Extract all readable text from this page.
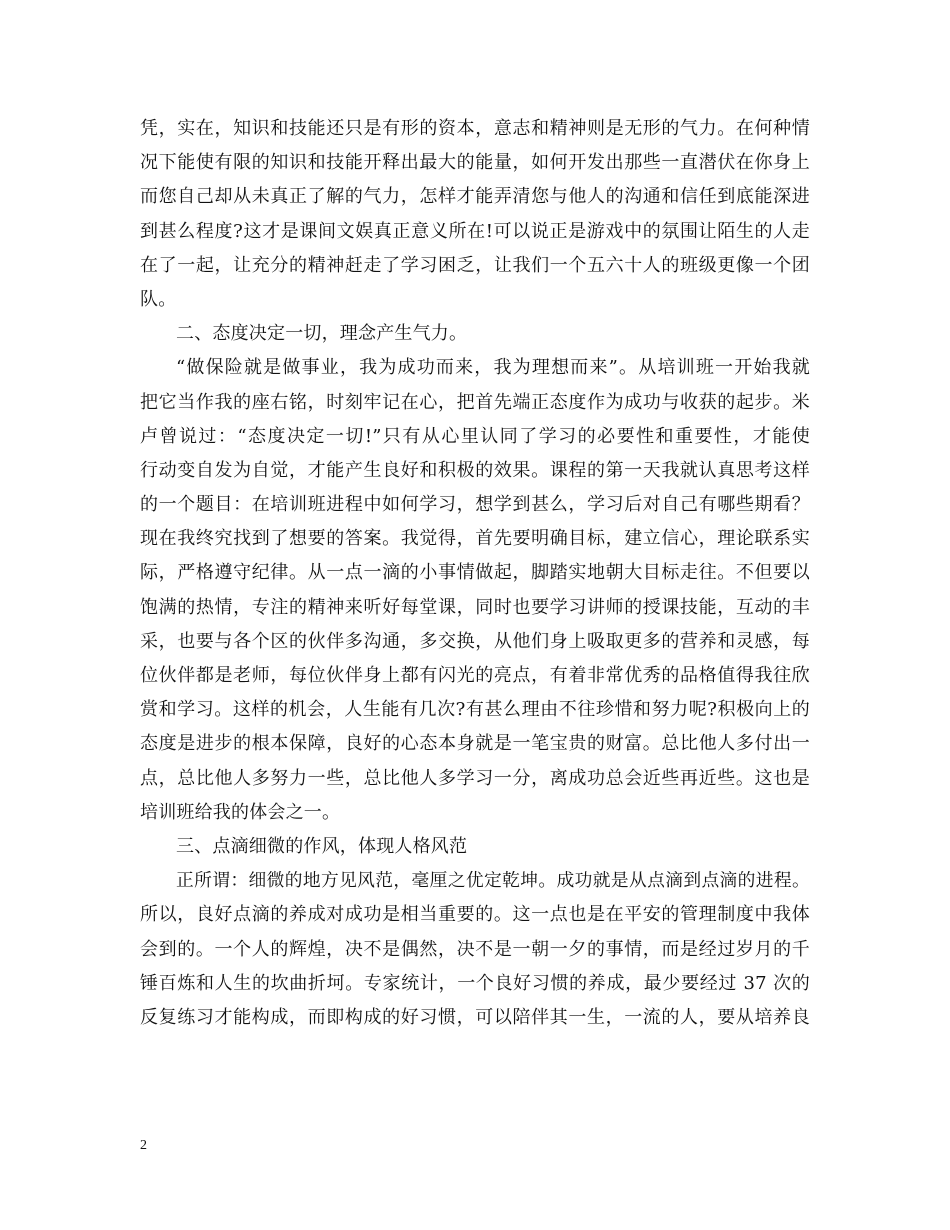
凭，实在，知识和技能还只是有形的资本，意志和精神则是无形的气力。在何种情
况下能使有限的知识和技能开释出最大的能量，如何开发出那些一直潜伏在你身上
而您自己却从未真正了解的气力，怎样才能弄清您与他人的沟通和信任到底能深进
到甚么程度?这才是课间文娱真正意义所在!可以说正是游戏中的氛围让陌生的人走
在了一起，让充分的精神赶走了学习困乏，让我们一个五六十人的班级更像一个团
队。
二、态度决定一切，理念产生气力。
“做保险就是做事业，我为成功而来，我为理想而来”。从培训班一开始我就
把它当作我的座右铭，时刻牢记在心，把首先端正态度作为成功与收获的起步。米
卢曾说过：“态度决定一切!”只有从心里认同了学习的必要性和重要性，才能使
行动变自发为自觉，才能产生良好和积极的效果。课程的第一天我就认真思考这样
的一个题目：在培训班进程中如何学习，想学到甚么，学习后对自己有哪些期看？
现在我终究找到了想要的答案。我觉得，首先要明确目标，建立信心，理论联系实
际，严格遵守纪律。从一点一滴的小事情做起，脚踏实地朝大目标走往。不但要以
饱满的热情，专注的精神来听好每堂课，同时也要学习讲师的授课技能，互动的丰
采，也要与各个区的伙伴多沟通，多交换，从他们身上吸取更多的营养和灵感，每
位伙伴都是老师，每位伙伴身上都有闪光的亮点，有着非常优秀的品格值得我往欣
赏和学习。这样的机会，人生能有几次?有甚么理由不往珍惜和努力呢?积极向上的
态度是进步的根本保障，良好的心态本身就是一笔宝贵的财富。总比他人多付出一
点，总比他人多努力一些，总比他人多学习一分，离成功总会近些再近些。这也是
培训班给我的体会之一。
三、点滴细微的作风，体现人格风范
正所谓：细微的地方见风范，毫厘之优定乾坤。成功就是从点滴到点滴的进程。
所以，良好点滴的养成对成功是相当重要的。这一点也是在平安的管理制度中我体
会到的。一个人的辉煌，决不是偶然，决不是一朝一夕的事情，而是经过岁月的千
锤百炼和人生的坎曲折坷。专家统计，一个良好习惯的养成，最少要经过 37 次的
反复练习才能构成，而即构成的好习惯，可以陪伴其一生，一流的人，要从培养良
2
